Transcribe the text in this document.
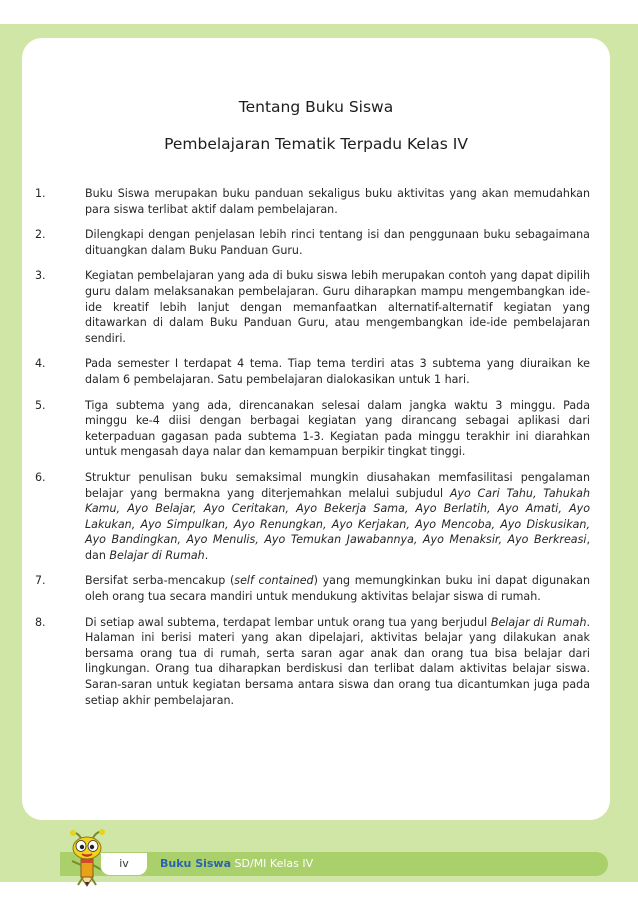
Tentang Buku Siswa
Pembelajaran Tematik Terpadu Kelas IV
1.	Buku Siswa merupakan buku panduan sekaligus buku aktivitas yang akan memudahkan para siswa terlibat aktif dalam pembelajaran.
2.	Dilengkapi dengan penjelasan lebih rinci tentang isi dan penggunaan buku sebagaimana dituangkan dalam Buku Panduan Guru.
3.	Kegiatan pembelajaran yang ada di buku siswa lebih merupakan contoh yang dapat dipilih guru dalam melaksanakan pembelajaran. Guru diharapkan mampu mengembangkan ide-ide kreatif lebih lanjut dengan memanfaatkan alternatif-alternatif kegiatan yang ditawarkan di dalam Buku Panduan Guru, atau mengembangkan ide-ide pembelajaran sendiri.
4.	Pada semester I terdapat 4 tema. Tiap tema terdiri atas 3 subtema yang diuraikan ke dalam 6 pembelajaran. Satu pembelajaran dialokasikan untuk 1 hari.
5.	Tiga subtema yang ada, direncanakan selesai dalam jangka waktu 3 minggu. Pada minggu ke-4 diisi dengan berbagai kegiatan yang dirancang sebagai aplikasi dari keterpaduan gagasan pada subtema 1-3. Kegiatan pada minggu terakhir ini diarahkan untuk mengasah daya nalar dan kemampuan berpikir tingkat tinggi.
6.	Struktur penulisan buku semaksimal mungkin diusahakan memfasilitasi pengalaman belajar yang bermakna yang diterjemahkan melalui subjudul Ayo Cari Tahu, Tahukah Kamu, Ayo Belajar, Ayo Ceritakan, Ayo Bekerja Sama, Ayo Berlatih, Ayo Amati, Ayo Lakukan, Ayo Simpulkan, Ayo Renungkan, Ayo Kerjakan, Ayo Mencoba, Ayo Diskusikan, Ayo Bandingkan, Ayo Menulis, Ayo Temukan Jawabannya, Ayo Menaksir, Ayo Berkreasi, dan Belajar di Rumah.
7.	Bersifat serba-mencakup (self contained) yang memungkinkan buku ini dapat digunakan oleh orang tua secara mandiri untuk mendukung aktivitas belajar siswa di rumah.
8.	Di setiap awal subtema, terdapat lembar untuk orang tua yang berjudul Belajar di Rumah. Halaman ini berisi materi yang akan dipelajari, aktivitas belajar yang dilakukan anak bersama orang tua di rumah, serta saran agar anak dan orang tua bisa belajar dari lingkungan. Orang tua diharapkan berdiskusi dan terlibat dalam aktivitas belajar siswa. Saran-saran untuk kegiatan bersama antara siswa dan orang tua dicantumkan juga pada setiap akhir pembelajaran.
iv	Buku Siswa SD/MI Kelas IV
